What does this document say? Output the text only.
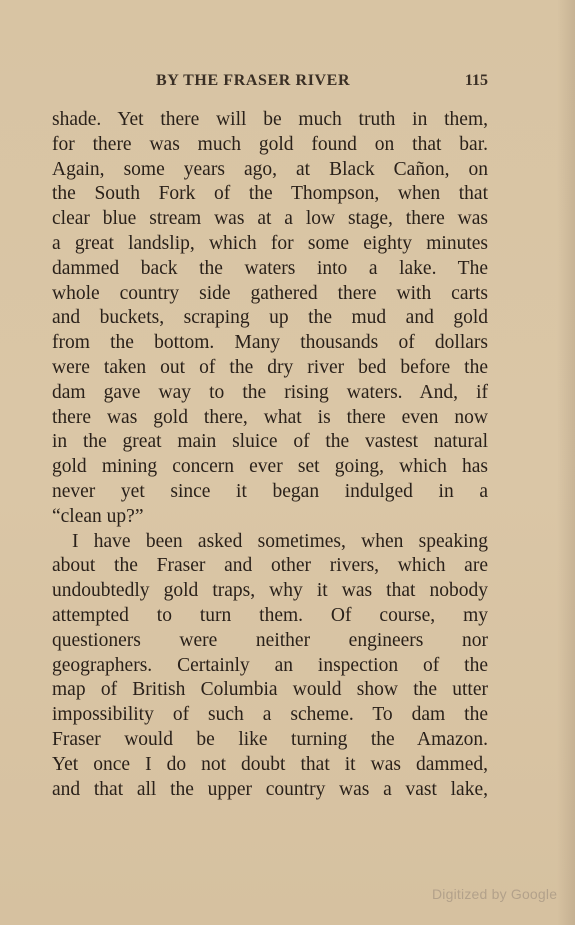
BY THE FRASER RIVER	115
shade. Yet there will be much truth in them,
for there was much gold found on that bar.
Again, some years ago, at Black Cañon, on
the South Fork of the Thompson, when that
clear blue stream was at a low stage, there was
a great landslip, which for some eighty minutes
dammed back the waters into a lake. The
whole country side gathered there with carts
and buckets, scraping up the mud and gold
from the bottom. Many thousands of dollars
were taken out of the dry river bed before the
dam gave way to the rising waters. And, if
there was gold there, what is there even now
in the great main sluice of the vastest natural
gold mining concern ever set going, which has
never yet since it began indulged in a
“clean up?”
I have been asked sometimes, when speaking
about the Fraser and other rivers, which are
undoubtedly gold traps, why it was that nobody
attempted to turn them. Of course, my
questioners were neither engineers nor
geographers. Certainly an inspection of the
map of British Columbia would show the utter
impossibility of such a scheme. To dam the
Fraser would be like turning the Amazon.
Yet once I do not doubt that it was dammed,
and that all the upper country was a vast lake,
Digitized by Google
